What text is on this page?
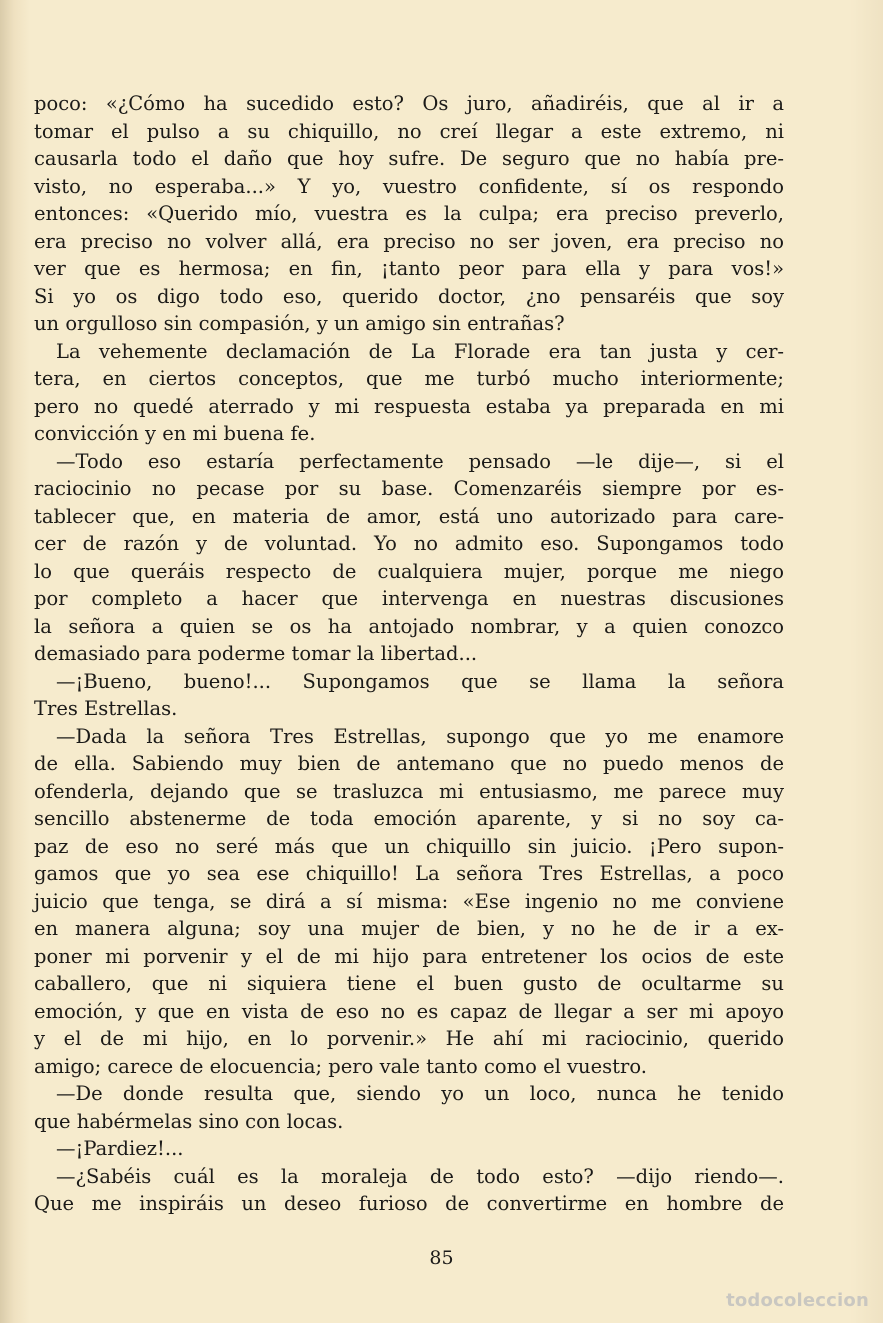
poco: «¿Cómo ha sucedido esto? Os juro, añadiréis, que al ir a
tomar el pulso a su chiquillo, no creí llegar a este extremo, ni
causarla todo el daño que hoy sufre. De seguro que no había pre-
visto, no esperaba...» Y yo, vuestro confidente, sí os respondo
entonces: «Querido mío, vuestra es la culpa; era preciso preverlo,
era preciso no volver allá, era preciso no ser joven, era preciso no
ver que es hermosa; en fin, ¡tanto peor para ella y para vos!»
Si yo os digo todo eso, querido doctor, ¿no pensaréis que soy
un orgulloso sin compasión, y un amigo sin entrañas?
La vehemente declamación de La Florade era tan justa y cer-
tera, en ciertos conceptos, que me turbó mucho interiormente;
pero no quedé aterrado y mi respuesta estaba ya preparada en mi
convicción y en mi buena fe.
—Todo eso estaría perfectamente pensado —le dije—, si el
raciocinio no pecase por su base. Comenzaréis siempre por es-
tablecer que, en materia de amor, está uno autorizado para care-
cer de razón y de voluntad. Yo no admito eso. Supongamos todo
lo que queráis respecto de cualquiera mujer, porque me niego
por completo a hacer que intervenga en nuestras discusiones
la señora a quien se os ha antojado nombrar, y a quien conozco
demasiado para poderme tomar la libertad...
—¡Bueno, bueno!... Supongamos que se llama la señora
Tres Estrellas.
—Dada la señora Tres Estrellas, supongo que yo me enamore
de ella. Sabiendo muy bien de antemano que no puedo menos de
ofenderla, dejando que se trasluzca mi entusiasmo, me parece muy
sencillo abstenerme de toda emoción aparente, y si no soy ca-
paz de eso no seré más que un chiquillo sin juicio. ¡Pero supon-
gamos que yo sea ese chiquillo! La señora Tres Estrellas, a poco
juicio que tenga, se dirá a sí misma: «Ese ingenio no me conviene
en manera alguna; soy una mujer de bien, y no he de ir a ex-
poner mi porvenir y el de mi hijo para entretener los ocios de este
caballero, que ni siquiera tiene el buen gusto de ocultarme su
emoción, y que en vista de eso no es capaz de llegar a ser mi apoyo
y el de mi hijo, en lo porvenir.» He ahí mi raciocinio, querido
amigo; carece de elocuencia; pero vale tanto como el vuestro.
—De donde resulta que, siendo yo un loco, nunca he tenido
que habérmelas sino con locas.
—¡Pardiez!...
—¿Sabéis cuál es la moraleja de todo esto? —dijo riendo—.
Que me inspiráis un deseo furioso de convertirme en hombre de
85
todocoleccion
